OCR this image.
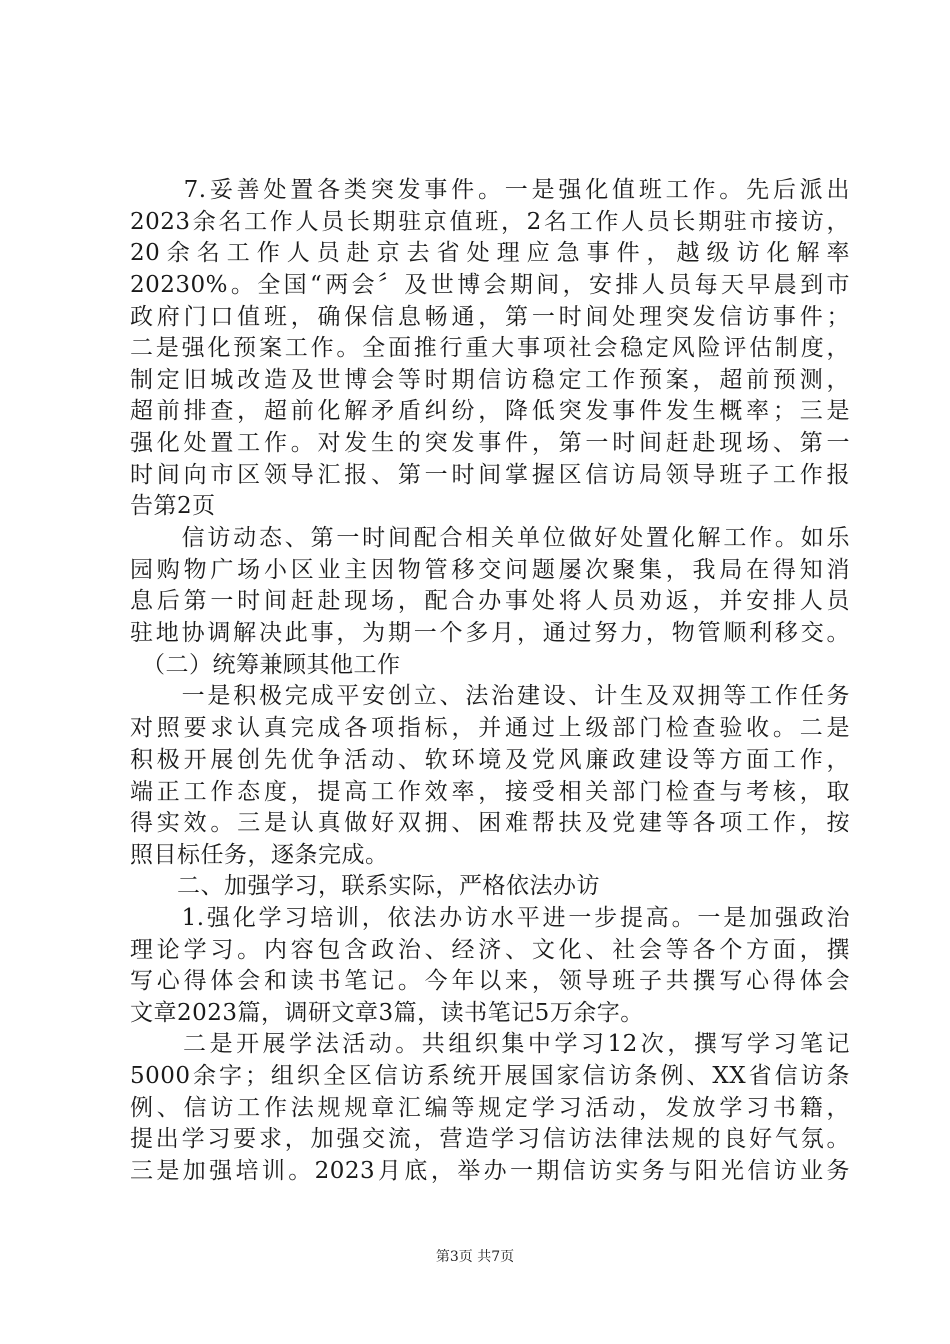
　　7.妥善处置各类突发事件。一是强化值班工作。先后派出
2023余名工作人员长期驻京值班，2名工作人员长期驻市接访，
20余名工作人员赴京去省处理应急事件，越级访化解率
20230%。全国“两会〞及世博会期间，安排人员每天早晨到市
政府门口值班，确保信息畅通，第一时间处理突发信访事件；
二是强化预案工作。全面推行重大事项社会稳定风险评估制度，
制定旧城改造及世博会等时期信访稳定工作预案，超前预测，
超前排查，超前化解矛盾纠纷，降低突发事件发生概率；三是
强化处置工作。对发生的突发事件，第一时间赶赴现场、第一
时间向市区领导汇报、第一时间掌握区信访局领导班子工作报
告第2页
　　信访动态、第一时间配合相关单位做好处置化解工作。如乐
园购物广场小区业主因物管移交问题屡次聚集，我局在得知消
息后第一时间赶赴现场，配合办事处将人员劝返，并安排人员
驻地协调解决此事，为期一个多月，通过努力，物管顺利移交。
　（二）统筹兼顾其他工作
　　一是积极完成平安创立、法治建设、计生及双拥等工作任务
对照要求认真完成各项指标，并通过上级部门检查验收。二是
积极开展创先优争活动、软环境及党风廉政建设等方面工作，
端正工作态度，提高工作效率，接受相关部门检查与考核，取
得实效。三是认真做好双拥、困难帮扶及党建等各项工作，按
照目标任务，逐条完成。
　　二、加强学习，联系实际，严格依法办访
　　1.强化学习培训，依法办访水平进一步提高。一是加强政治
理论学习。内容包含政治、经济、文化、社会等各个方面，撰
写心得体会和读书笔记。今年以来，领导班子共撰写心得体会
文章2023篇，调研文章3篇，读书笔记5万余字。
　　二是开展学法活动。共组织集中学习12次，撰写学习笔记
5000余字；组织全区信访系统开展国家信访条例、XX省信访条
例、信访工作法规规章汇编等规定学习活动，发放学习书籍，
提出学习要求，加强交流，营造学习信访法律法规的良好气氛。
三是加强培训。2023月底，举办一期信访实务与阳光信访业务
第3页 共7页
